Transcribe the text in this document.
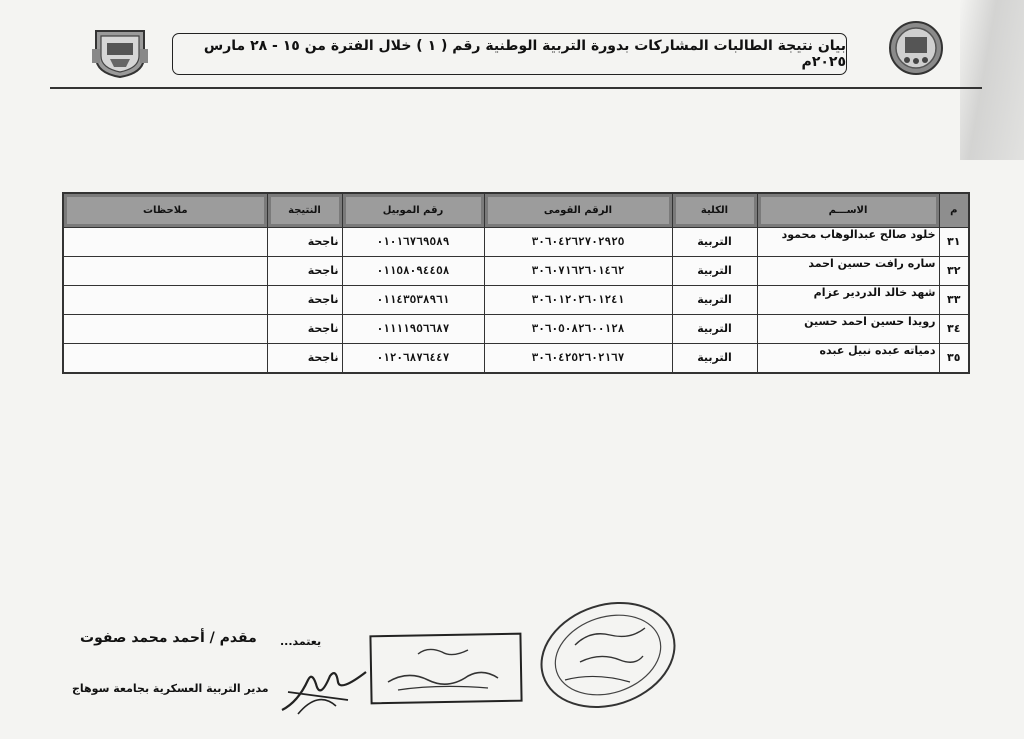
بيان نتيجة الطالبات المشاركات بدورة التربية الوطنية رقم ( ١ ) خلال الفترة من ١٥ - ٢٨ مارس ٢٠٢٥م
م	الاســـم	الكلية	الرقم القومى	رقم الموبيل	النتيجة	ملاحظات
٣١	خلود صالح عبدالوهاب محمود	التربية	٣٠٦٠٤٢٦٢٧٠٢٩٢٥	٠١٠١٦٧٦٩٥٨٩	ناجحة	
٣٢	ساره رافت حسين احمد	التربية	٣٠٦٠٧١٦٢٦٠١٤٦٢	٠١١٥٨٠٩٤٤٥٨	ناجحة	
٣٣	شهد خالد الدردير عزام	التربية	٣٠٦٠١٢٠٢٦٠١٢٤١	٠١١٤٣٥٣٨٩٦١	ناجحة	
٣٤	رويدا حسين احمد حسين	التربية	٣٠٦٠٥٠٨٢٦٠٠١٢٨	٠١١١١٩٥٦٦٨٧	ناجحة	
٣٥	دمياته عبده نبيل عبده	التربية	٣٠٦٠٤٢٥٢٦٠٢١٦٧	٠١٢٠٦٨٧٦٤٤٧	ناجحة	
يعتمد...
مقدم / أحمد محمد صفوت
مدير التربية العسكرية بجامعة سوهاج
